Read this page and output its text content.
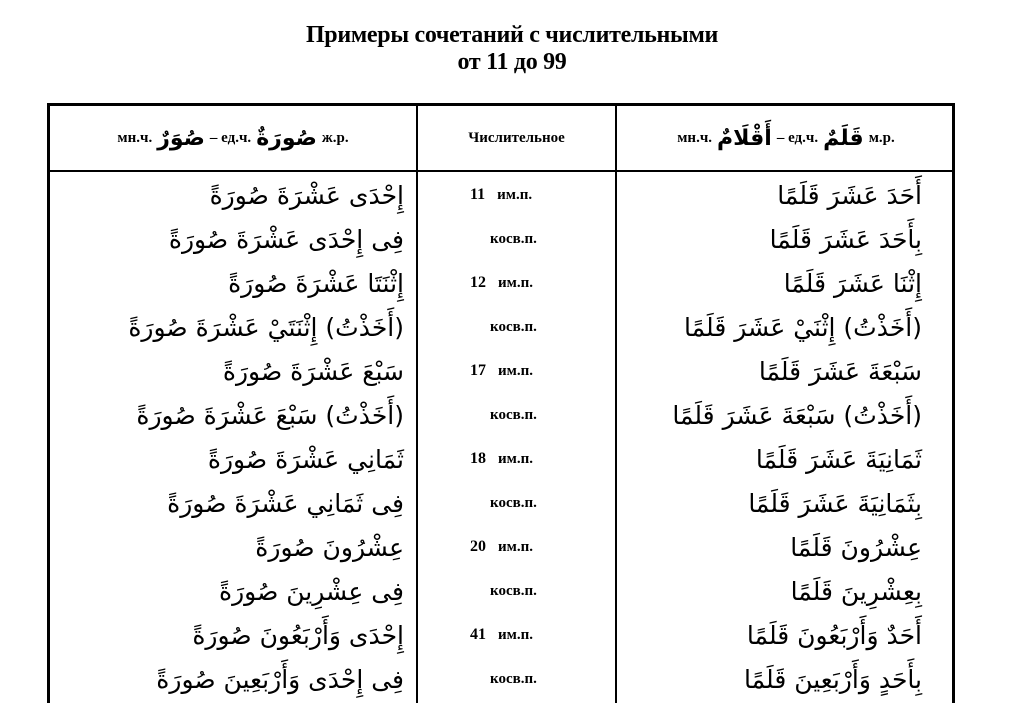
Примеры сочетаний с числительными
от 11 до 99
мн.ч. صُوَرٌ – ед.ч. صُورَةٌ ж.р.	Числительное	мн.ч. أَقْلَامٌ – ед.ч. قَلَمٌ м.р.
إِحْدَى عَشْرَةَ صُورَةً	11 им.п.	أَحَدَ عَشَرَ قَلَمًا
فِى إِحْدَى عَشْرَةَ صُورَةً	косв.п.	بِأَحَدَ عَشَرَ قَلَمًا
إِثْنَتَا عَشْرَةَ صُورَةً	12 им.п.	إِثْنَا عَشَرَ قَلَمًا
(أَخَذْتُ) إِثْنَتَيْ عَشْرَةَ صُورَةً	косв.п.	(أَخَذْتُ) إِثْنَيْ عَشَرَ قَلَمًا
سَبْعَ عَشْرَةَ صُورَةً	17 им.п.	سَبْعَةَ عَشَرَ قَلَمًا
(أَخَذْتُ) سَبْعَ عَشْرَةَ صُورَةً	косв.п.	(أَخَذْتُ) سَبْعَةَ عَشَرَ قَلَمًا
ثَمَانِي عَشْرَةَ صُورَةً	18 им.п.	ثَمَانِيَةَ عَشَرَ قَلَمًا
فِى ثَمَانِي عَشْرَةَ صُورَةً	косв.п.	بِثَمَانِيَةَ عَشَرَ قَلَمًا
عِشْرُونَ صُورَةً	20 им.п.	عِشْرُونَ قَلَمًا
فِى عِشْرِينَ صُورَةً	косв.п.	بِعِشْرِينَ قَلَمًا
إِحْدَى وَأَرْبَعُونَ صُورَةً	41 им.п.	أَحَدٌ وَأَرْبَعُونَ قَلَمًا
فِى إِحْدَى وَأَرْبَعِينَ صُورَةً	косв.п.	بِأَحَدٍ وَأَرْبَعِينَ قَلَمًا
